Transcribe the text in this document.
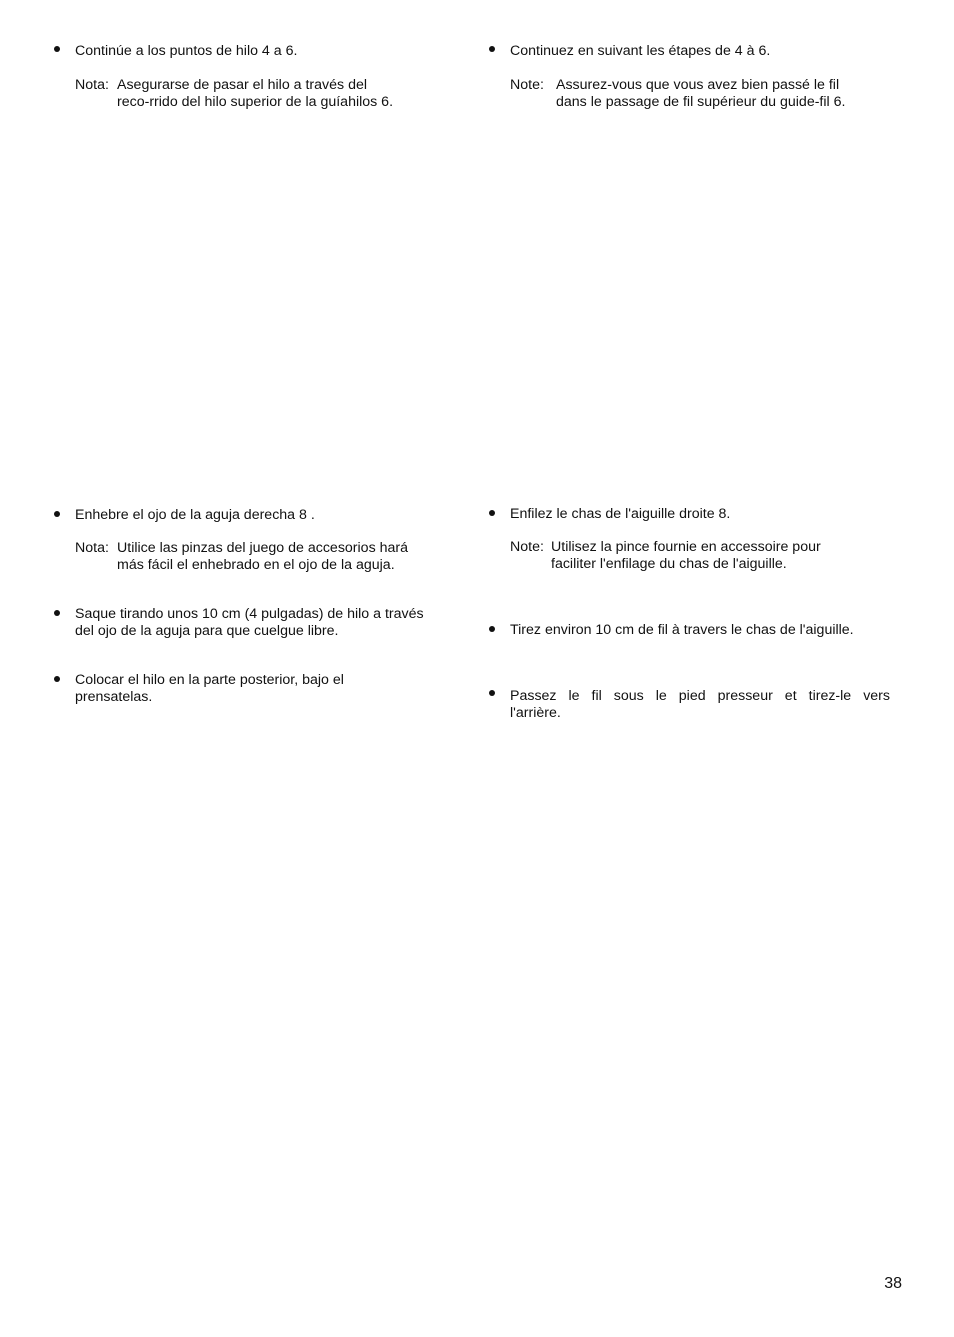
Continúe a los puntos de hilo 4 a 6.
Nota: Asegurarse de pasar el hilo a través del
reco-rrido del hilo superior de la guíahilos 6.
Enhebre el ojo de la aguja derecha 8 .
Nota: Utilice las pinzas del juego de accesorios hará
más fácil el enhebrado en el ojo de la aguja.
Saque tirando unos 10 cm (4 pulgadas) de hilo a través
del ojo de la aguja para que cuelgue libre.
Colocar el hilo en la parte posterior, bajo el
prensatelas.
Continuez en suivant les étapes de 4 à 6.
Note: Assurez-vous que vous avez bien passé le fil
dans le passage de fil supérieur du guide-fil 6.
Enfilez le chas de l'aiguille droite 8.
Note: Utilisez la pince fournie en accessoire pour
faciliter l'enfilage du chas de l'aiguille.
Tirez environ 10 cm de fil à travers le chas de l'aiguille.
Passez le fil sous le pied presseur et tirez-le vers
l'arrière.
38
